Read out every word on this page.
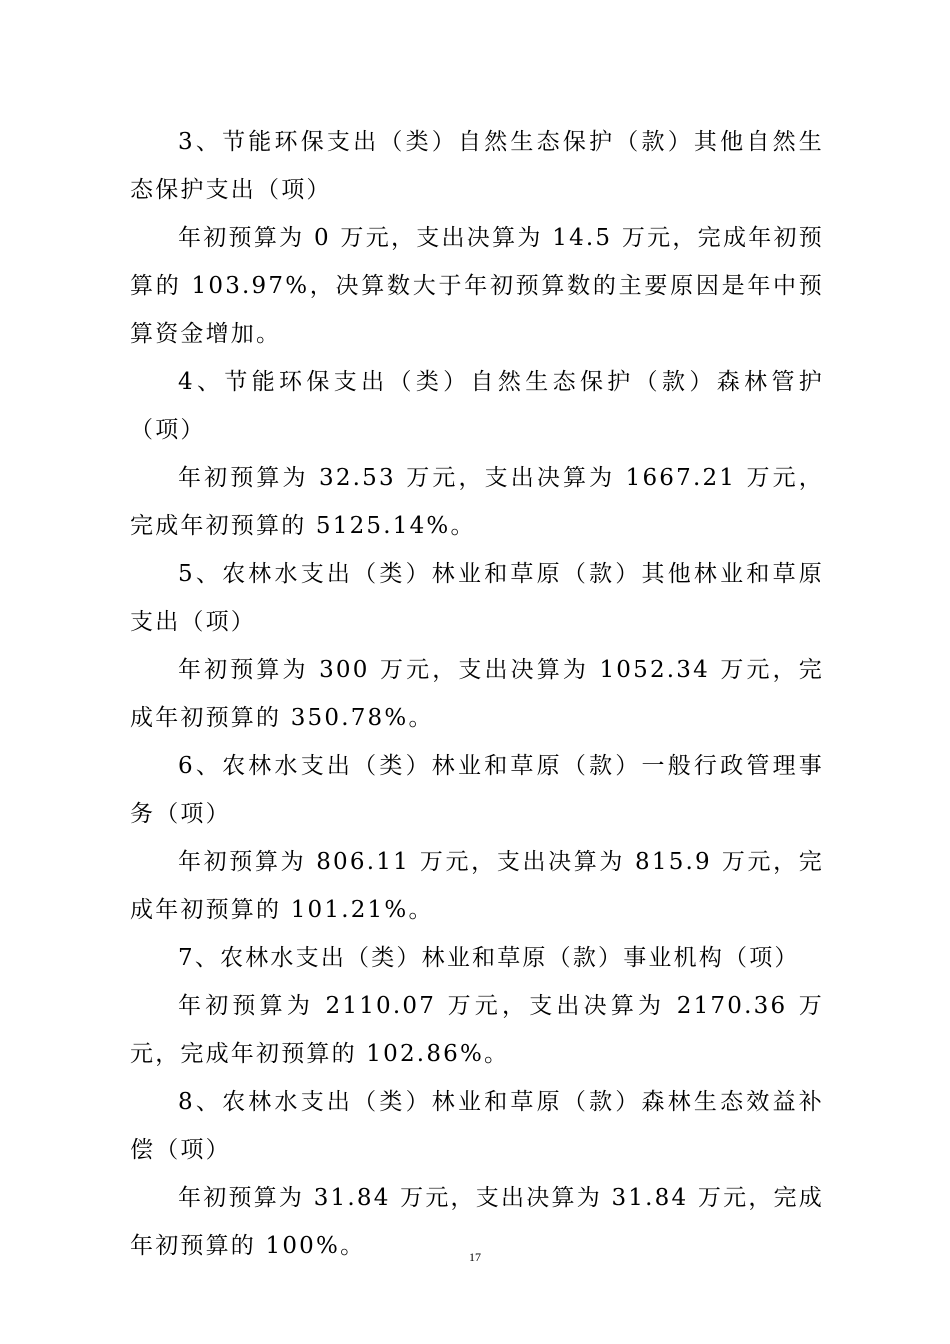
3、节能环保支出（类）自然生态保护（款）其他自然生态保护支出（项）

年初预算为 0 万元，支出决算为 14.5 万元，完成年初预算的 103.97%，决算数大于年初预算数的主要原因是年中预算资金增加。

4、节能环保支出（类）自然生态保护（款）森林管护（项）

年初预算为 32.53 万元，支出决算为 1667.21 万元，完成年初预算的 5125.14%。

5、农林水支出（类）林业和草原（款）其他林业和草原支出（项）

年初预算为 300 万元，支出决算为 1052.34 万元，完成年初预算的 350.78%。

6、农林水支出（类）林业和草原（款）一般行政管理事务（项）

年初预算为 806.11 万元，支出决算为 815.9 万元，完成年初预算的 101.21%。

7、农林水支出（类）林业和草原（款）事业机构（项）

年初预算为 2110.07 万元，支出决算为 2170.36 万元，完成年初预算的 102.86%。

8、农林水支出（类）林业和草原（款）森林生态效益补偿（项）

年初预算为 31.84 万元，支出决算为 31.84 万元，完成年初预算的 100%。	17
